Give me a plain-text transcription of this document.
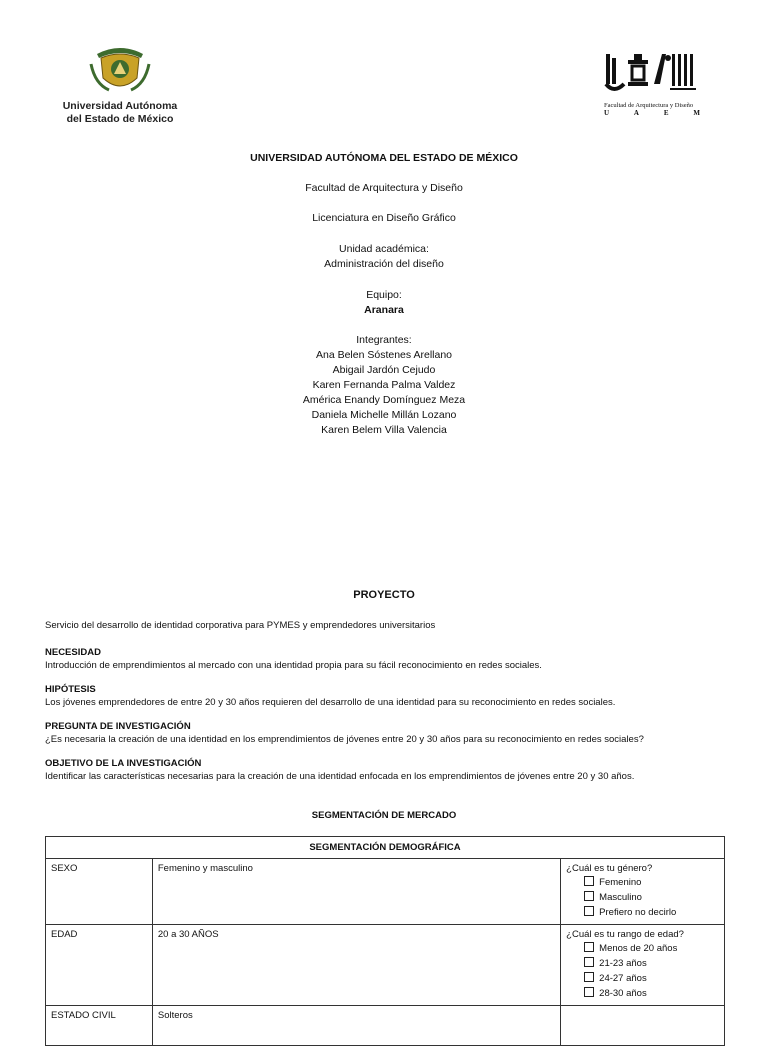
Universidad Autónoma
del Estado de México
Facultad de Arquitectura y Diseño
U	A	E	M
UNIVERSIDAD AUTÓNOMA DEL ESTADO DE MÉXICO
Facultad de Arquitectura y Diseño
Licenciatura en Diseño Gráfico
Unidad académica:
Administración del diseño
Equipo:
Aranara
Integrantes:
Ana Belen Sóstenes Arellano
Abigail Jardón Cejudo
Karen Fernanda Palma Valdez
América Enandy Domínguez Meza
Daniela Michelle Millán Lozano
Karen Belem Villa Valencia
PROYECTO
Servicio del desarrollo de identidad corporativa para PYMES y emprendedores universitarios
NECESIDAD
Introducción de emprendimientos al mercado con una identidad propia para su fácil reconocimiento en redes sociales.
HIPÓTESIS
Los jóvenes emprendedores de entre 20 y 30 años requieren del desarrollo de una identidad para su reconocimiento en redes sociales.
PREGUNTA DE INVESTIGACIÓN
¿Es necesaria la creación de una identidad en los emprendimientos de jóvenes entre 20 y 30 años para su reconocimiento en redes sociales?
OBJETIVO DE LA INVESTIGACIÓN
Identificar las características necesarias para la creación de una identidad enfocada en los emprendimientos de jóvenes entre 20 y 30 años.
SEGMENTACIÓN DE MERCADO
SEGMENTACIÓN DEMOGRÁFICA		
SEXO	Femenino y masculino	¿Cuál es tu género?
Femenino
Masculino
Prefiero no decirlo

EDAD	20 a 30 AÑOS	¿Cuál es tu rango de edad?
Menos de 20 años
21-23 años
24-27 años
28-30 años

ESTADO CIVIL	Solteros	
